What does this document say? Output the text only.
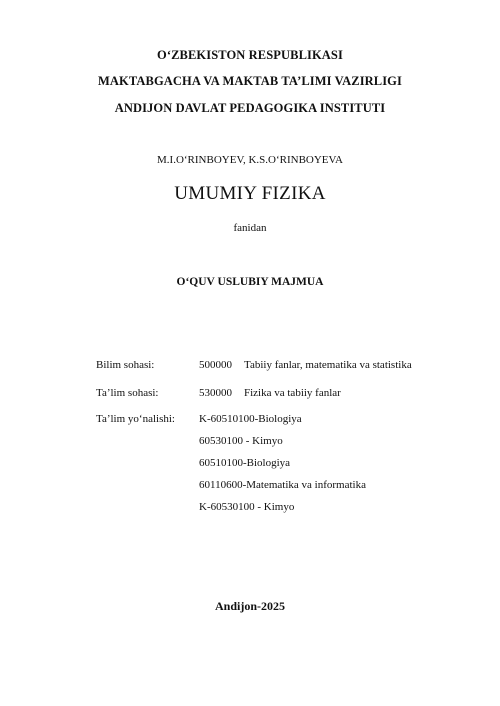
O‘ZBEKISTON RESPUBLIKASI
MAKTABGACHA VA MAKTAB TA’LIMI VAZIRLIGI
ANDIJON DAVLAT PEDAGOGIKA INSTITUTI
M.I.O‘RINBOYEV, K.S.O‘RINBOYEVA
UMUMIY FIZIKA
fanidan
O‘QUV USLUBIY MAJMUA
Bilim sohasi:	500000 Tabiiy fanlar, matematika va statistika
Ta’lim sohasi:	530000 Fizika va tabiiy fanlar
Ta’lim yo‘nalishi: K-60510100-Biologiya
60530100 - Kimyo
60510100-Biologiya
60110600-Matematika va informatika
K-60530100 - Kimyo
Andijon-2025
